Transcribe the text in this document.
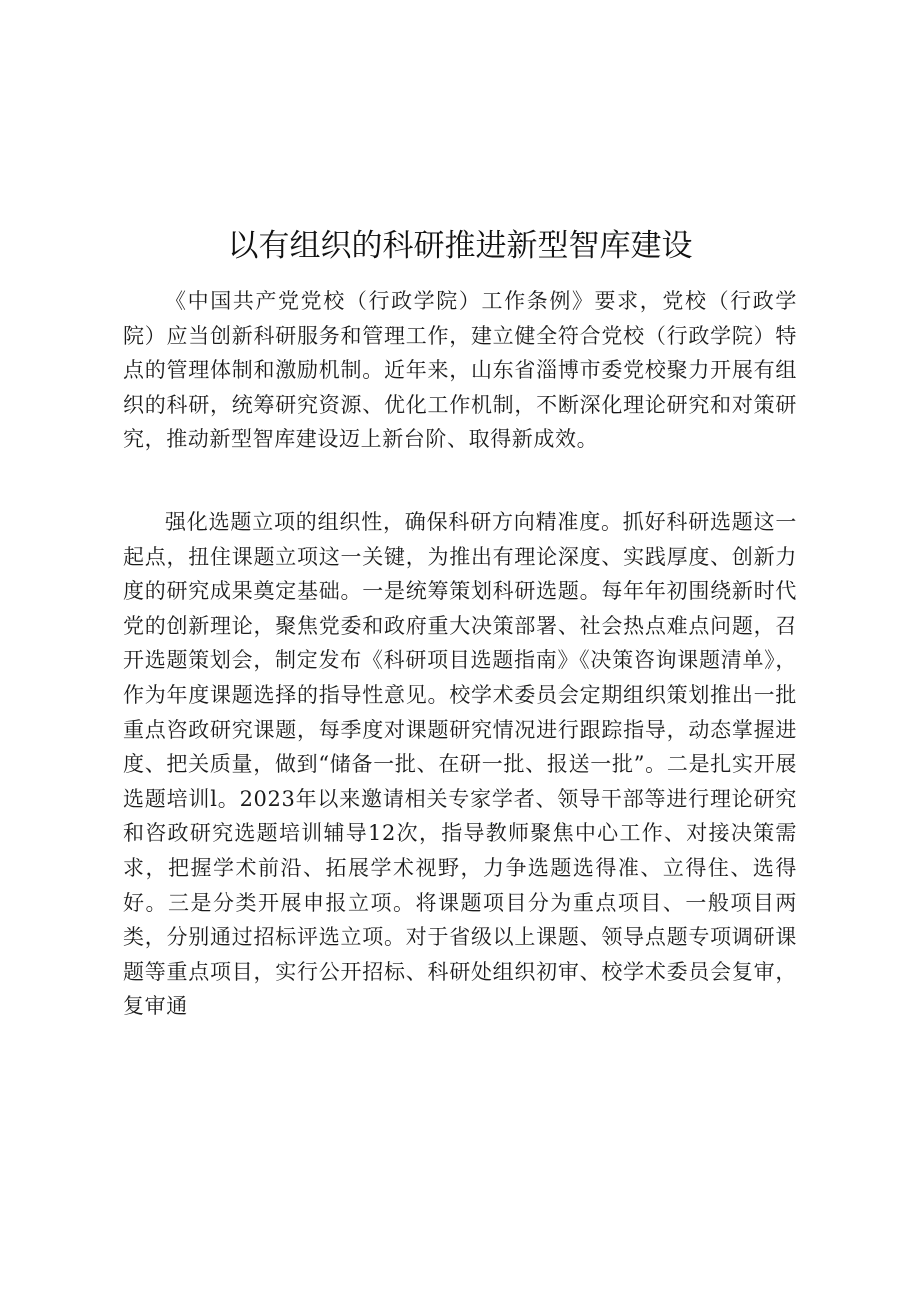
以有组织的科研推进新型智库建设

《中国共产党党校（行政学院）工作条例》要求，党校（行政学院）应当创新科研服务和管理工作，建立健全符合党校（行政学院）特点的管理体制和激励机制。近年来，山东省淄博市委党校聚力开展有组织的科研，统筹研究资源、优化工作机制，不断深化理论研究和对策研究，推动新型智库建设迈上新台阶、取得新成效。

强化选题立项的组织性，确保科研方向精准度。抓好科研选题这一起点，扭住课题立项这一关键，为推出有理论深度、实践厚度、创新力度的研究成果奠定基础。一是统筹策划科研选题。每年年初围绕新时代党的创新理论，聚焦党委和政府重大决策部署、社会热点难点问题，召开选题策划会，制定发布《科研项目选题指南》《决策咨询课题清单》，作为年度课题选择的指导性意见。校学术委员会定期组织策划推出一批重点咨政研究课题，每季度对课题研究情况进行跟踪指导，动态掌握进度、把关质量，做到“储备一批、在研一批、报送一批”。二是扎实开展选题培训l。2023年以来邀请相关专家学者、领导干部等进行理论研究和咨政研究选题培训辅导12次，指导教师聚焦中心工作、对接决策需求，把握学术前沿、拓展学术视野，力争选题选得准、立得住、选得好。三是分类开展申报立项。将课题项目分为重点项目、一般项目两类，分别通过招标评选立项。对于省级以上课题、领导点题专项调研课题等重点项目，实行公开招标、科研处组织初审、校学术委员会复审，复审通
